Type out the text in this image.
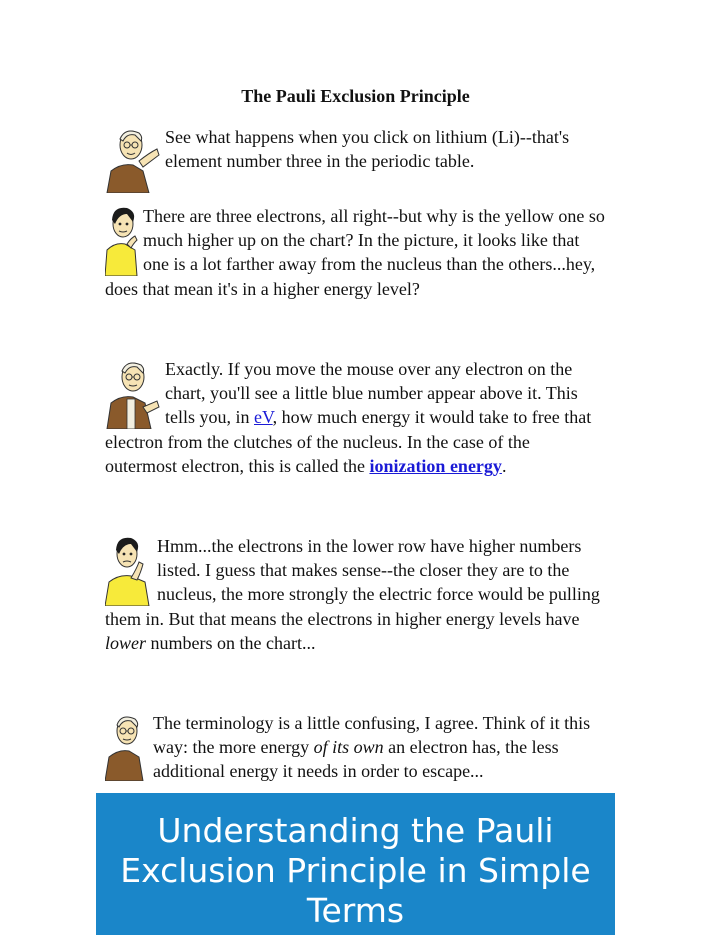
The Pauli Exclusion Principle
See what happens when you click on lithium (Li)--that's element number three in the periodic table.
There are three electrons, all right--but why is the yellow one so much higher up on the chart? In the picture, it looks like that one is a lot farther away from the nucleus than the others...hey, does that mean it's in a higher energy level?
Exactly. If you move the mouse over any electron on the chart, you'll see a little blue number appear above it. This tells you, in eV, how much energy it would take to free that electron from the clutches of the nucleus. In the case of the outermost electron, this is called the ionization energy.
Hmm...the electrons in the lower row have higher numbers listed. I guess that makes sense--the closer they are to the nucleus, the more strongly the electric force would be pulling them in. But that means the electrons in higher energy levels have lower numbers on the chart...
The terminology is a little confusing, I agree. Think of it this way: the more energy of its own an electron has, the less additional energy it needs in order to escape...
Understanding the Pauli Exclusion Principle in Simple Terms
